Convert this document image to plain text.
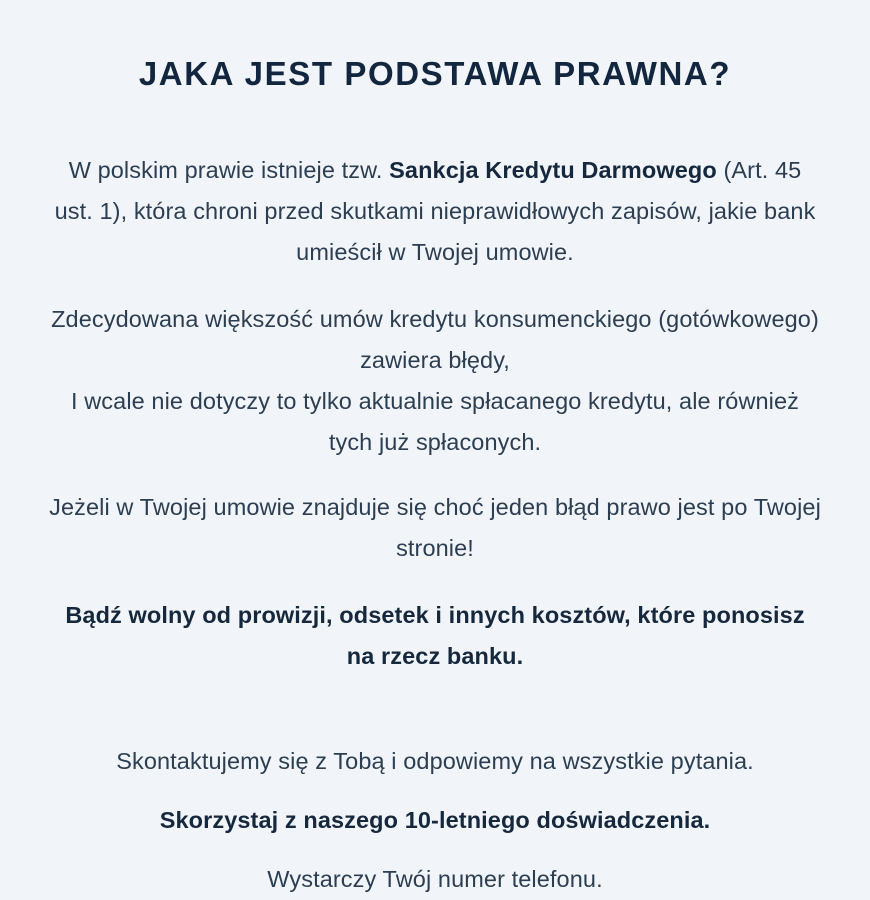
JAKA JEST PODSTAWA PRAWNA?

W polskim prawie istnieje tzw. Sankcja Kredytu Darmowego (Art. 45 ust. 1), która chroni przed skutkami nieprawidłowych zapisów, jakie bank umieścił w Twojej umowie.

Zdecydowana większość umów kredytu konsumenckiego (gotówkowego) zawiera błędy,
I wcale nie dotyczy to tylko aktualnie spłacanego kredytu, ale również tych już spłaconych.

Jeżeli w Twojej umowie znajduje się choć jeden błąd prawo jest po Twojej stronie!

Bądź wolny od prowizji, odsetek i innych kosztów, które ponosisz na rzecz banku.

Skontaktujemy się z Tobą i odpowiemy na wszystkie pytania.

Skorzystaj z naszego 10-letniego doświadczenia.

Wystarczy Twój numer telefonu.
